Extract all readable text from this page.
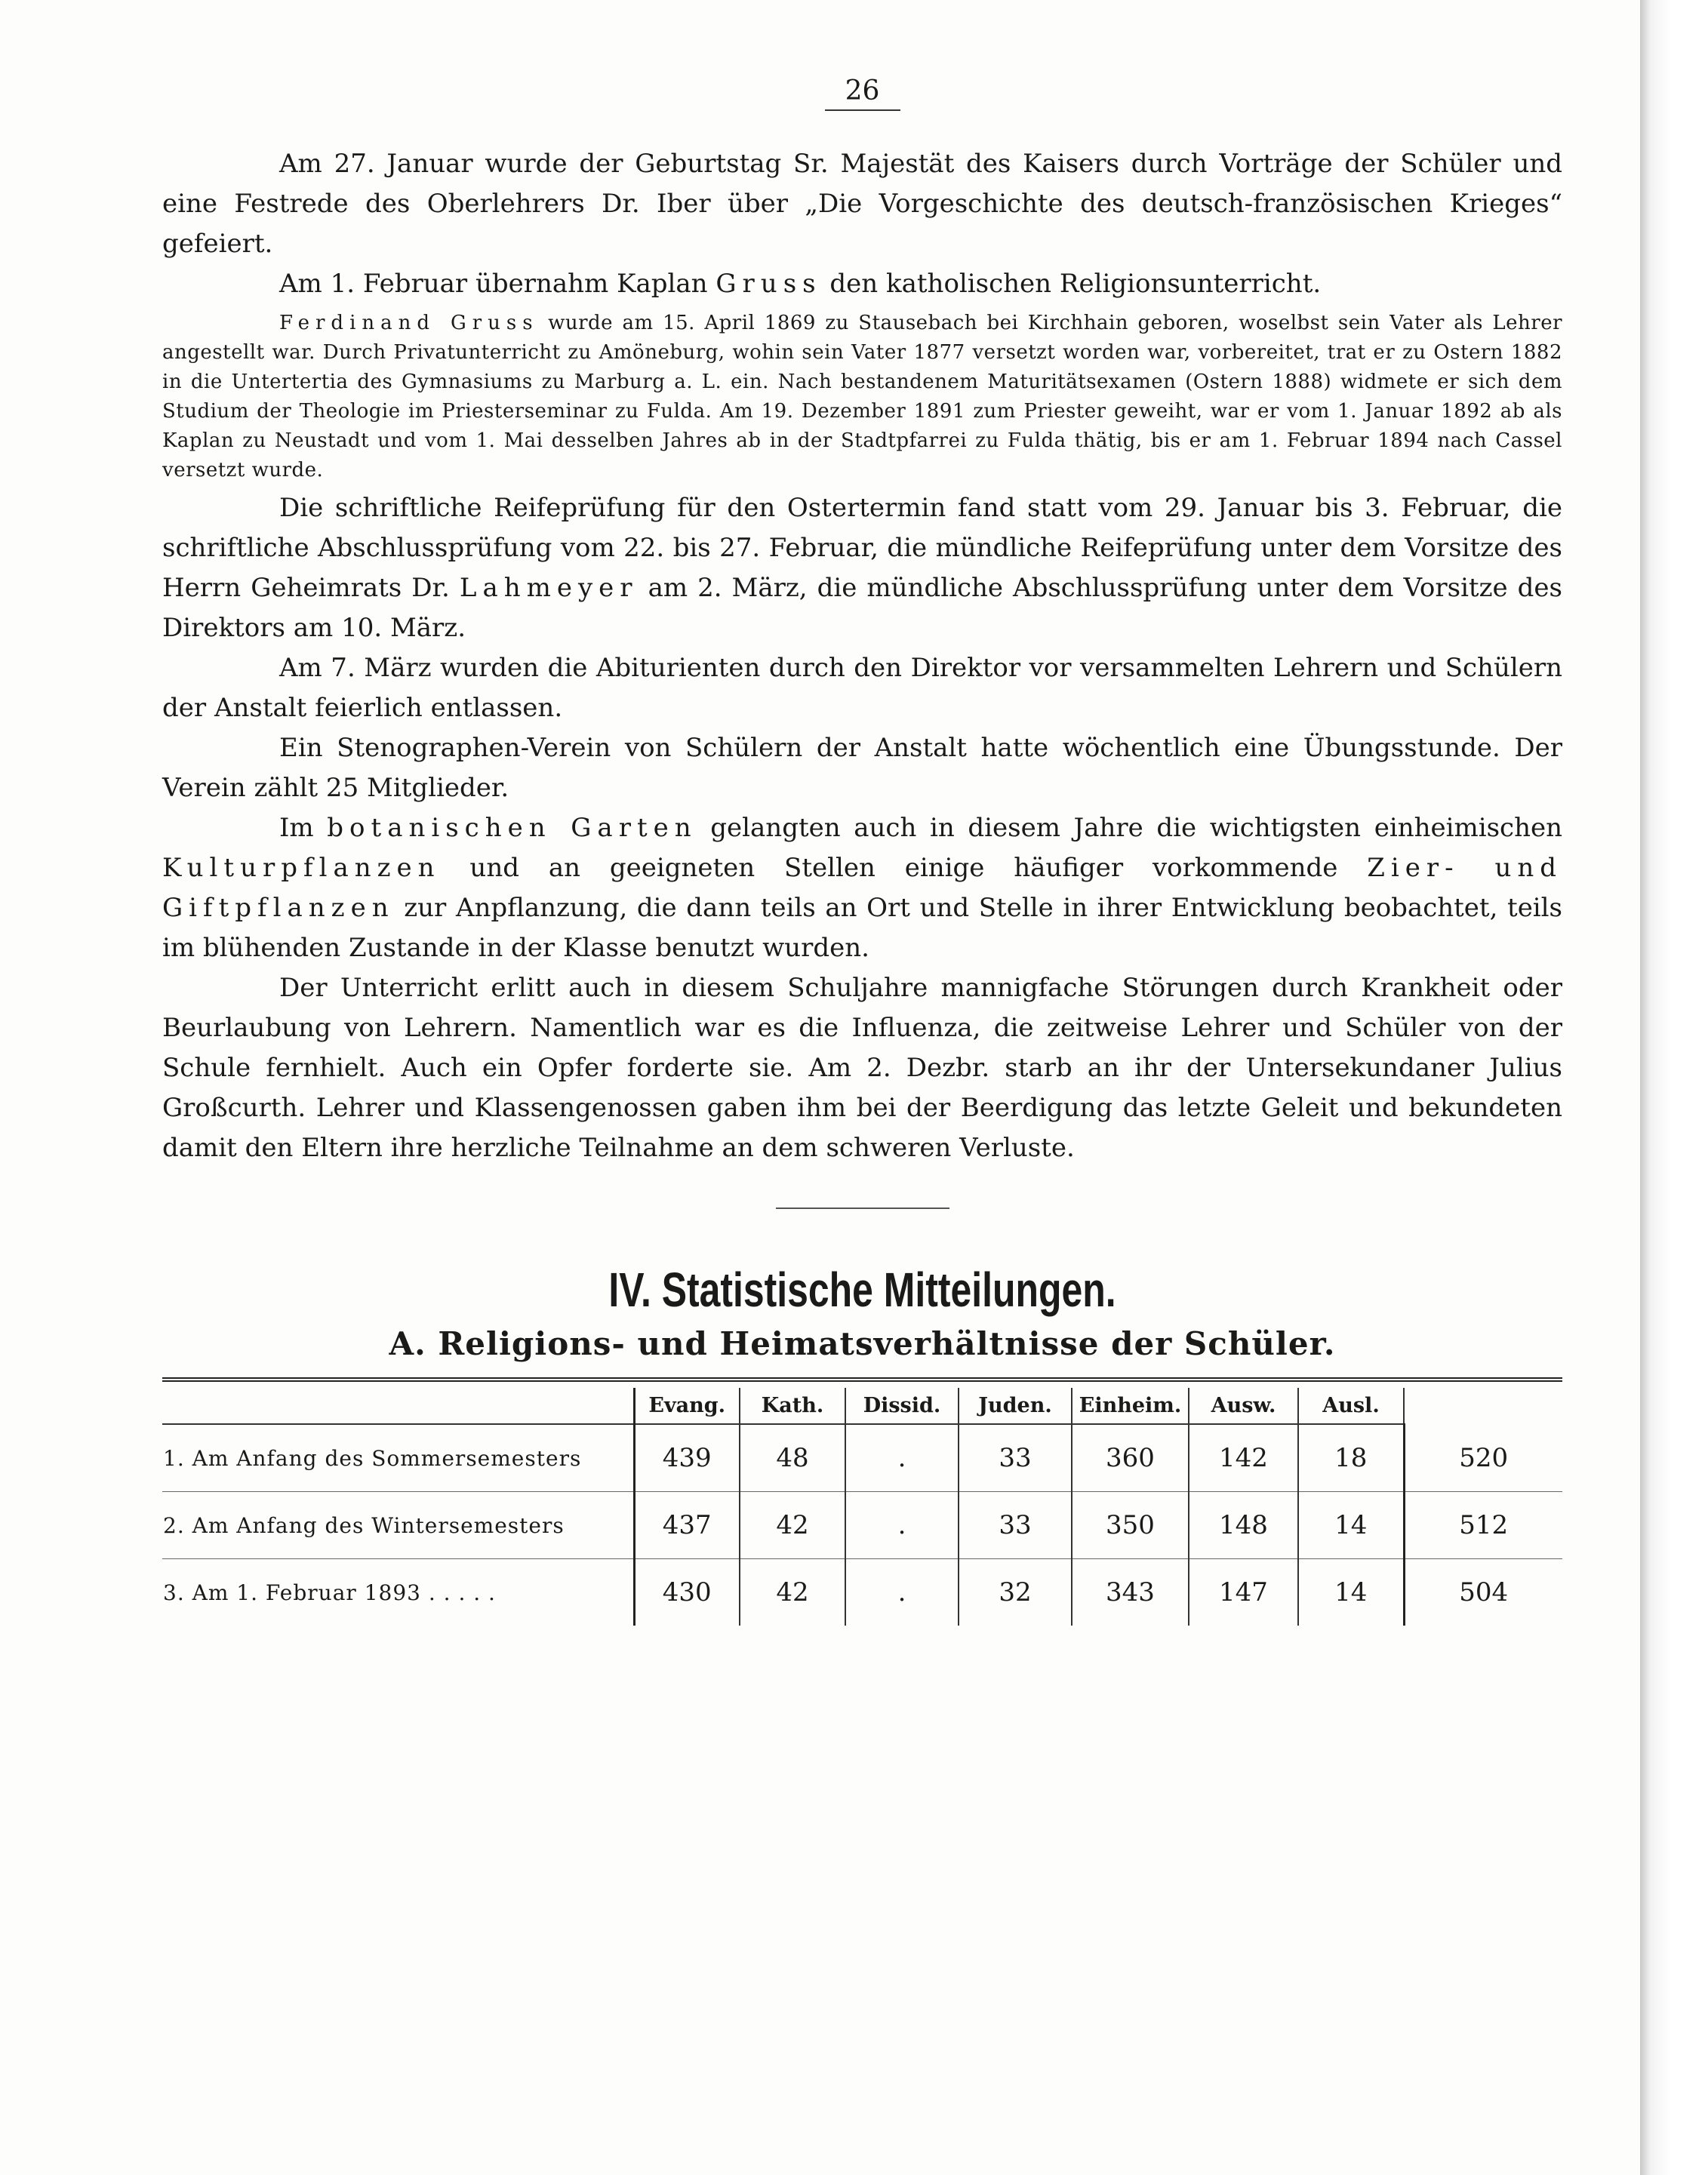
26

Am 27. Januar wurde der Geburtstag Sr. Majestät des Kaisers durch Vorträge der Schüler und eine Festrede des Oberlehrers Dr. Iber über „Die Vorgeschichte des deutsch-französischen Krieges“ gefeiert.

Am 1. Februar übernahm Kaplan Gruss den katholischen Religionsunterricht.

Ferdinand Gruss wurde am 15. April 1869 zu Stausebach bei Kirchhain geboren, woselbst sein Vater als Lehrer angestellt war. Durch Privatunterricht zu Amöneburg, wohin sein Vater 1877 versetzt worden war, vorbereitet, trat er zu Ostern 1882 in die Untertertia des Gymnasiums zu Marburg a. L. ein. Nach bestandenem Maturitätsexamen (Ostern 1888) widmete er sich dem Studium der Theologie im Priesterseminar zu Fulda. Am 19. Dezember 1891 zum Priester geweiht, war er vom 1. Januar 1892 ab als Kaplan zu Neustadt und vom 1. Mai desselben Jahres ab in der Stadtpfarrei zu Fulda thätig, bis er am 1. Februar 1894 nach Cassel versetzt wurde.

Die schriftliche Reifeprüfung für den Ostertermin fand statt vom 29. Januar bis 3. Februar, die schriftliche Abschlussprüfung vom 22. bis 27. Februar, die mündliche Reifeprüfung unter dem Vorsitze des Herrn Geheimrats Dr. Lahmeyer am 2. März, die mündliche Abschlussprüfung unter dem Vorsitze des Direktors am 10. März.

Am 7. März wurden die Abiturienten durch den Direktor vor versammelten Lehrern und Schülern der Anstalt feierlich entlassen.

Ein Stenographen-Verein von Schülern der Anstalt hatte wöchentlich eine Übungsstunde. Der Verein zählt 25 Mitglieder.

Im botanischen Garten gelangten auch in diesem Jahre die wichtigsten einheimischen Kulturpflanzen und an geeigneten Stellen einige häufiger vorkommende Zier- und Giftpflanzen zur Anpflanzung, die dann teils an Ort und Stelle in ihrer Entwicklung beobachtet, teils im blühenden Zustande in der Klasse benutzt wurden.

Der Unterricht erlitt auch in diesem Schuljahre mannigfache Störungen durch Krankheit oder Beurlaubung von Lehrern. Namentlich war es die Influenza, die zeitweise Lehrer und Schüler von der Schule fernhielt. Auch ein Opfer forderte sie. Am 2. Dezbr. starb an ihr der Untersekundaner Julius Großcurth. Lehrer und Klassengenossen gaben ihm bei der Beerdigung das letzte Geleit und bekundeten damit den Eltern ihre herzliche Teilnahme an dem schweren Verluste.

IV. Statistische Mitteilungen.
A. Religions- und Heimatsverhältnisse der Schüler.
	Evang.	Kath.	Dissid.	Juden.	Einheim.	Ausw.	Ausl.	
1. Am Anfang des Sommersemesters	439	48	.	33	360	142	18	520
2. Am Anfang des Wintersemesters	437	42	.	33	350	148	14	512
3. Am 1. Februar 1893 . . . . .	430	42	.	32	343	147	14	504
